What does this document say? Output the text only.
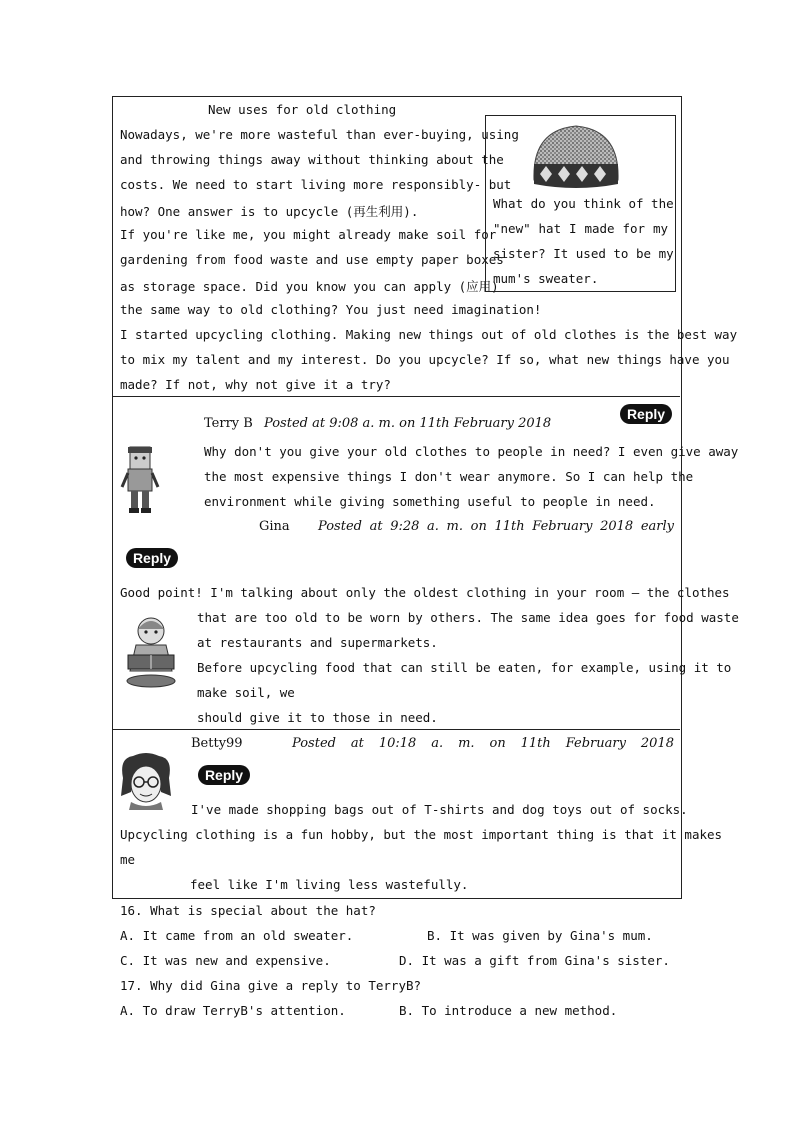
New uses for old clothing
Nowadays, we're more wasteful than ever-buying, using
and throwing things away without thinking about the
costs. We need to start living more responsibly- but
how? One answer is to upcycle (再生利用).
If you're like me, you might already make soil for
gardening from food waste and use empty paper boxes
as storage space. Did you know you can apply (应用)
the same way to old clothing? You just need imagination!
I started upcycling clothing. Making new things out of old clothes is the best way
to mix my talent and my interest. Do you upcycle? If so, what new things have you
made? If not, why not give it a try?
What do you think of the
"new" hat I made for my
sister? It used to be my
mum's sweater.
Terry B Posted at 9:08 a. m. on 11th February 2018
Reply
Why don't you give your old clothes to people in need? I even give away
the most expensive things I don't wear anymore. So I can help the
environment while giving something useful to people in need.
Gina Posted at 9:28 a. m. on 11th February 2018 early
Reply
Good point! I'm talking about only the oldest clothing in your room — the clothes
that are too old to be worn by others. The same idea goes for food waste
at restaurants and supermarkets.
Before upcycling food that can still be eaten, for example, using it to
make soil, we
should give it to those in need.
Betty99	Posted at 10:18 a. m. on 11th February 2018
Reply
I've made shopping bags out of T-shirts and dog toys out of socks.
Upcycling clothing is a fun hobby, but the most important thing is that it makes
me
feel like I'm living less wastefully.
16. What is special about the hat?
A. It came from an old sweater.	B. It was given by Gina's mum.
C. It was new and expensive.	D. It was a gift from Gina's sister.
17. Why did Gina give a reply to TerryB?
A. To draw TerryB's attention.	B. To introduce a new method.
